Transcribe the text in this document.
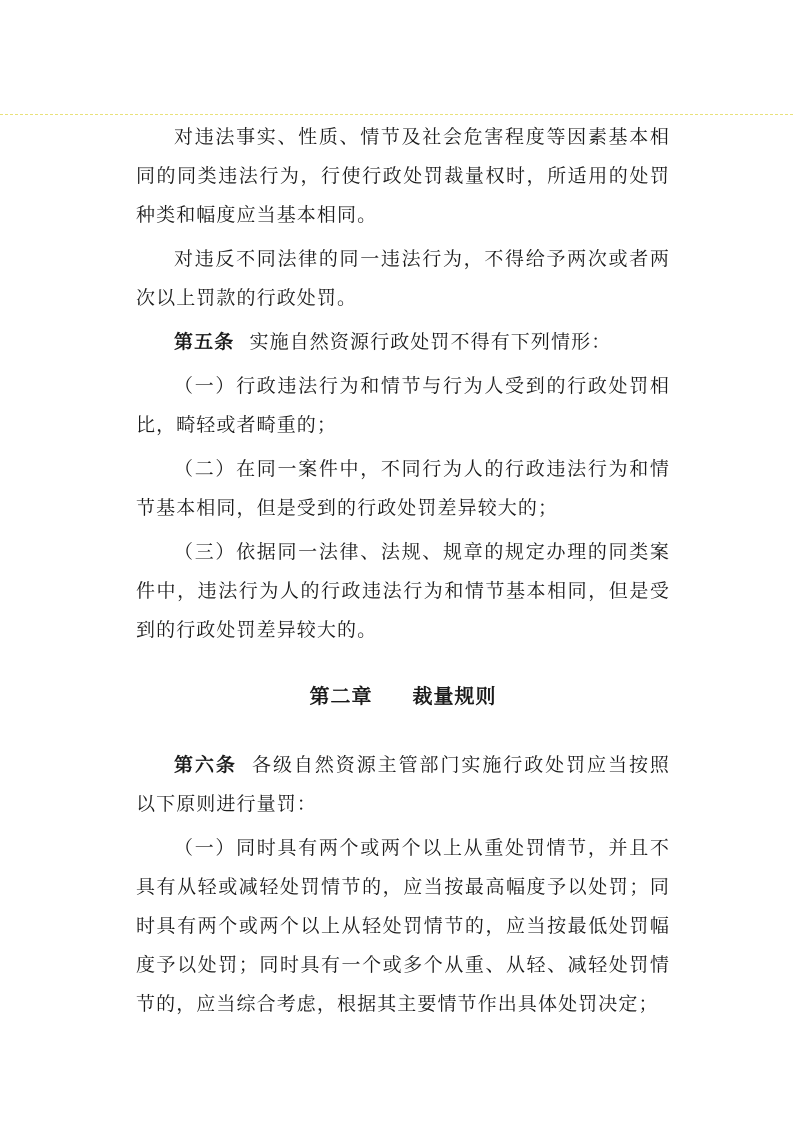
对违法事实、性质、情节及社会危害程度等因素基本相同的同类违法行为，行使行政处罚裁量权时，所适用的处罚种类和幅度应当基本相同。

对违反不同法律的同一违法行为，不得给予两次或者两次以上罚款的行政处罚。

第五条 实施自然资源行政处罚不得有下列情形：

（一）行政违法行为和情节与行为人受到的行政处罚相比，畸轻或者畸重的；

（二）在同一案件中，不同行为人的行政违法行为和情节基本相同，但是受到的行政处罚差异较大的；

（三）依据同一法律、法规、规章的规定办理的同类案件中，违法行为人的行政违法行为和情节基本相同，但是受到的行政处罚差异较大的。

第二章 裁量规则

第六条 各级自然资源主管部门实施行政处罚应当按照以下原则进行量罚：

（一）同时具有两个或两个以上从重处罚情节，并且不具有从轻或减轻处罚情节的，应当按最高幅度予以处罚；同时具有两个或两个以上从轻处罚情节的，应当按最低处罚幅度予以处罚；同时具有一个或多个从重、从轻、减轻处罚情节的，应当综合考虑，根据其主要情节作出具体处罚决定；
